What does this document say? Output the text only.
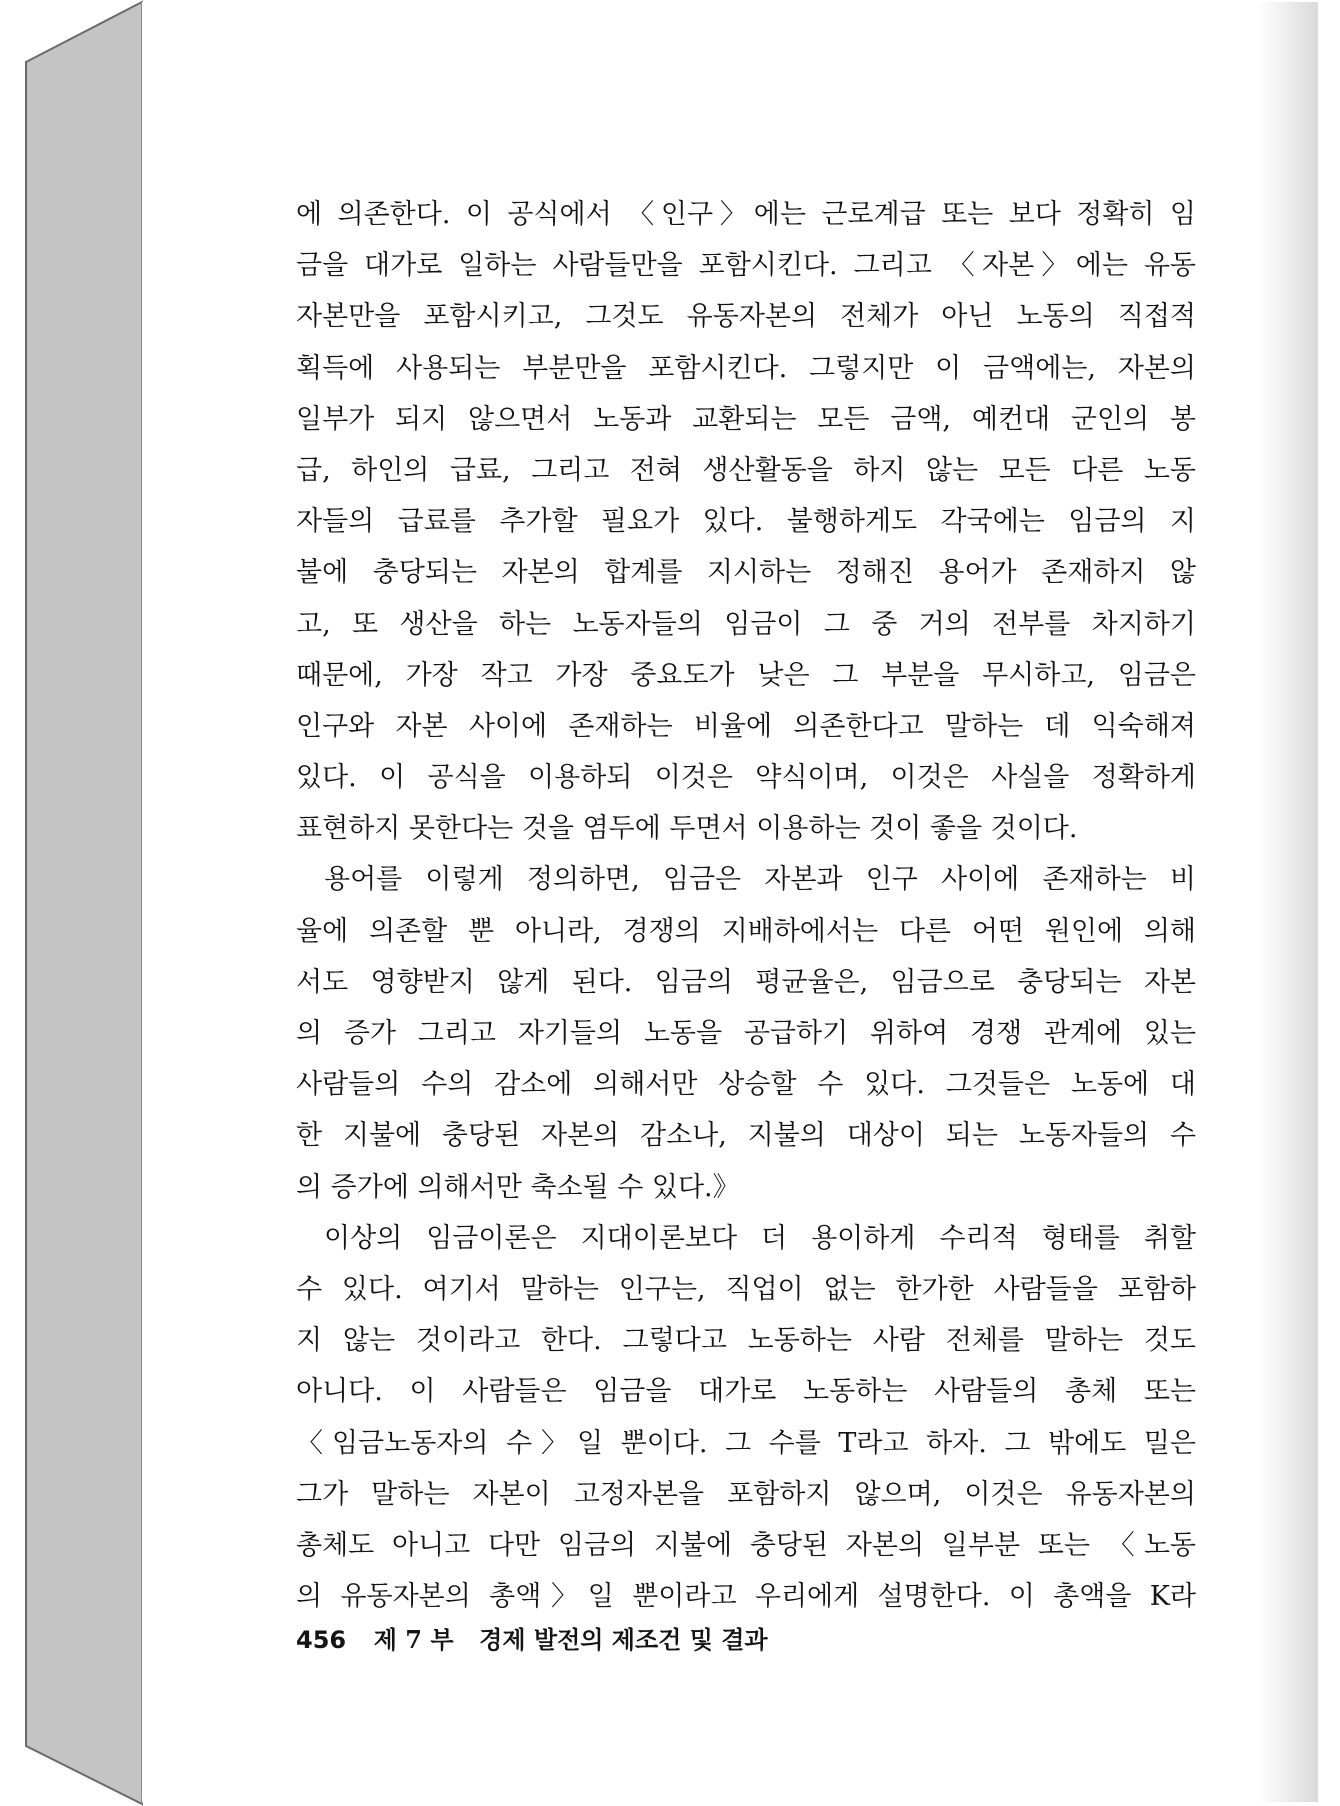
에 의존한다. 이 공식에서 〈인구〉에는 근로계급 또는 보다 정확히 임
금을 대가로 일하는 사람들만을 포함시킨다. 그리고 〈자본〉에는 유동
자본만을 포함시키고, 그것도 유동자본의 전체가 아닌 노동의 직접적
획득에 사용되는 부분만을 포함시킨다. 그렇지만 이 금액에는, 자본의
일부가 되지 않으면서 노동과 교환되는 모든 금액, 예컨대 군인의 봉
급, 하인의 급료, 그리고 전혀 생산활동을 하지 않는 모든 다른 노동
자들의 급료를 추가할 필요가 있다. 불행하게도 각국에는 임금의 지
불에 충당되는 자본의 합계를 지시하는 정해진 용어가 존재하지 않
고, 또 생산을 하는 노동자들의 임금이 그 중 거의 전부를 차지하기
때문에, 가장 작고 가장 중요도가 낮은 그 부분을 무시하고, 임금은
인구와 자본 사이에 존재하는 비율에 의존한다고 말하는 데 익숙해져
있다. 이 공식을 이용하되 이것은 약식이며, 이것은 사실을 정확하게
표현하지 못한다는 것을 염두에 두면서 이용하는 것이 좋을 것이다.
용어를 이렇게 정의하면, 임금은 자본과 인구 사이에 존재하는 비
율에 의존할 뿐 아니라, 경쟁의 지배하에서는 다른 어떤 원인에 의해
서도 영향받지 않게 된다. 임금의 평균율은, 임금으로 충당되는 자본
의 증가 그리고 자기들의 노동을 공급하기 위하여 경쟁 관계에 있는
사람들의 수의 감소에 의해서만 상승할 수 있다. 그것들은 노동에 대
한 지불에 충당된 자본의 감소나, 지불의 대상이 되는 노동자들의 수
의 증가에 의해서만 축소될 수 있다.》
이상의 임금이론은 지대이론보다 더 용이하게 수리적 형태를 취할
수 있다. 여기서 말하는 인구는, 직업이 없는 한가한 사람들을 포함하
지 않는 것이라고 한다. 그렇다고 노동하는 사람 전체를 말하는 것도
아니다. 이 사람들은 임금을 대가로 노동하는 사람들의 총체 또는
〈임금노동자의 수〉일 뿐이다. 그 수를 T라고 하자. 그 밖에도 밀은
그가 말하는 자본이 고정자본을 포함하지 않으며, 이것은 유동자본의
총체도 아니고 다만 임금의 지불에 충당된 자본의 일부분 또는 〈노동
의 유동자본의 총액〉일 뿐이라고 우리에게 설명한다. 이 총액을 K라
456 제 7 부 경제 발전의 제조건 및 결과
